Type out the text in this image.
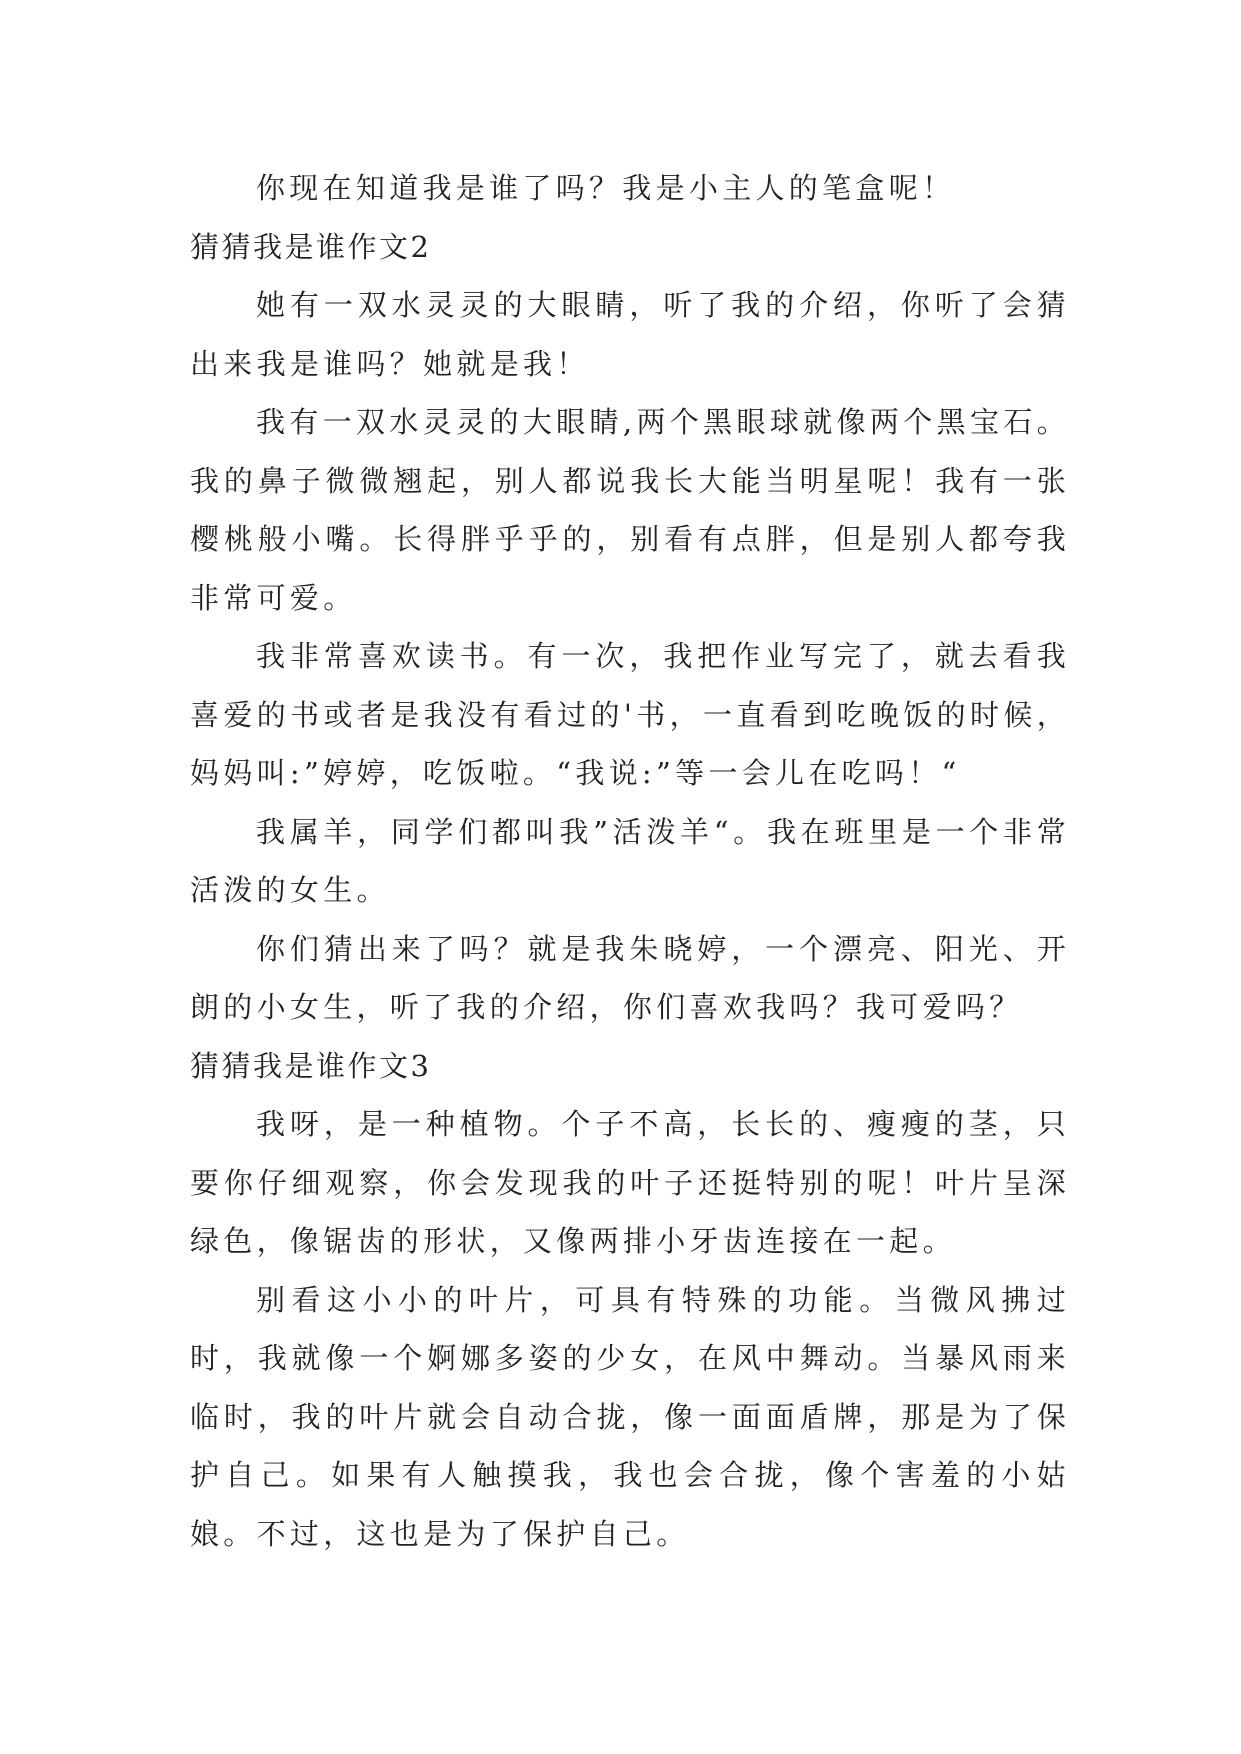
你现在知道我是谁了吗？我是小主人的笔盒呢！

猜猜我是谁作文2

她有一双水灵灵的大眼睛，听了我的介绍，你听了会猜出来我是谁吗？她就是我！

我有一双水灵灵的大眼睛,两个黑眼球就像两个黑宝石。我的鼻子微微翘起，别人都说我长大能当明星呢！我有一张樱桃般小嘴。长得胖乎乎的，别看有点胖，但是别人都夸我非常可爱。

我非常喜欢读书。有一次，我把作业写完了，就去看我喜爱的书或者是我没有看过的'书，一直看到吃晚饭的时候，妈妈叫:”婷婷，吃饭啦。“我说:”等一会儿在吃吗！“

我属羊，同学们都叫我”活泼羊“。我在班里是一个非常活泼的女生。

你们猜出来了吗？就是我朱晓婷，一个漂亮、阳光、开朗的小女生，听了我的介绍，你们喜欢我吗？我可爱吗？

猜猜我是谁作文3

我呀，是一种植物。个子不高，长长的、瘦瘦的茎，只要你仔细观察，你会发现我的叶子还挺特别的呢！叶片呈深绿色，像锯齿的形状，又像两排小牙齿连接在一起。

别看这小小的叶片，可具有特殊的功能。当微风拂过时，我就像一个婀娜多姿的少女，在风中舞动。当暴风雨来临时，我的叶片就会自动合拢，像一面面盾牌，那是为了保护自己。如果有人触摸我，我也会合拢，像个害羞的小姑娘。不过，这也是为了保护自己。
